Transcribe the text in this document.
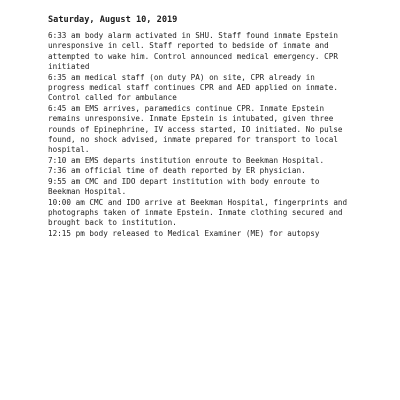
Saturday, August 10, 2019
6:33 am body alarm activated in SHU. Staff found inmate Epstein
unresponsive in cell. Staff reported to bedside of inmate and
attempted to wake him. Control announced medical emergency. CPR
initiated
6:35 am medical staff (on duty PA) on site, CPR already in
progress medical staff continues CPR and AED applied on inmate.
Control called for ambulance
6:45 am EMS arrives, paramedics continue CPR. Inmate Epstein
remains unresponsive. Inmate Epstein is intubated, given three
rounds of Epinephrine, IV access started, IO initiated. No pulse
found, no shock advised, inmate prepared for transport to local
hospital.
7:10 am EMS departs institution enroute to Beekman Hospital.
7:36 am official time of death reported by ER physician.
9:55 am CMC and IDO depart institution with body enroute to
Beekman Hospital.
10:00 am CMC and IDO arrive at Beekman Hospital, fingerprints and
photographs taken of inmate Epstein. Inmate clothing secured and
brought back to institution.
12:15 pm body released to Medical Examiner (ME) for autopsy
